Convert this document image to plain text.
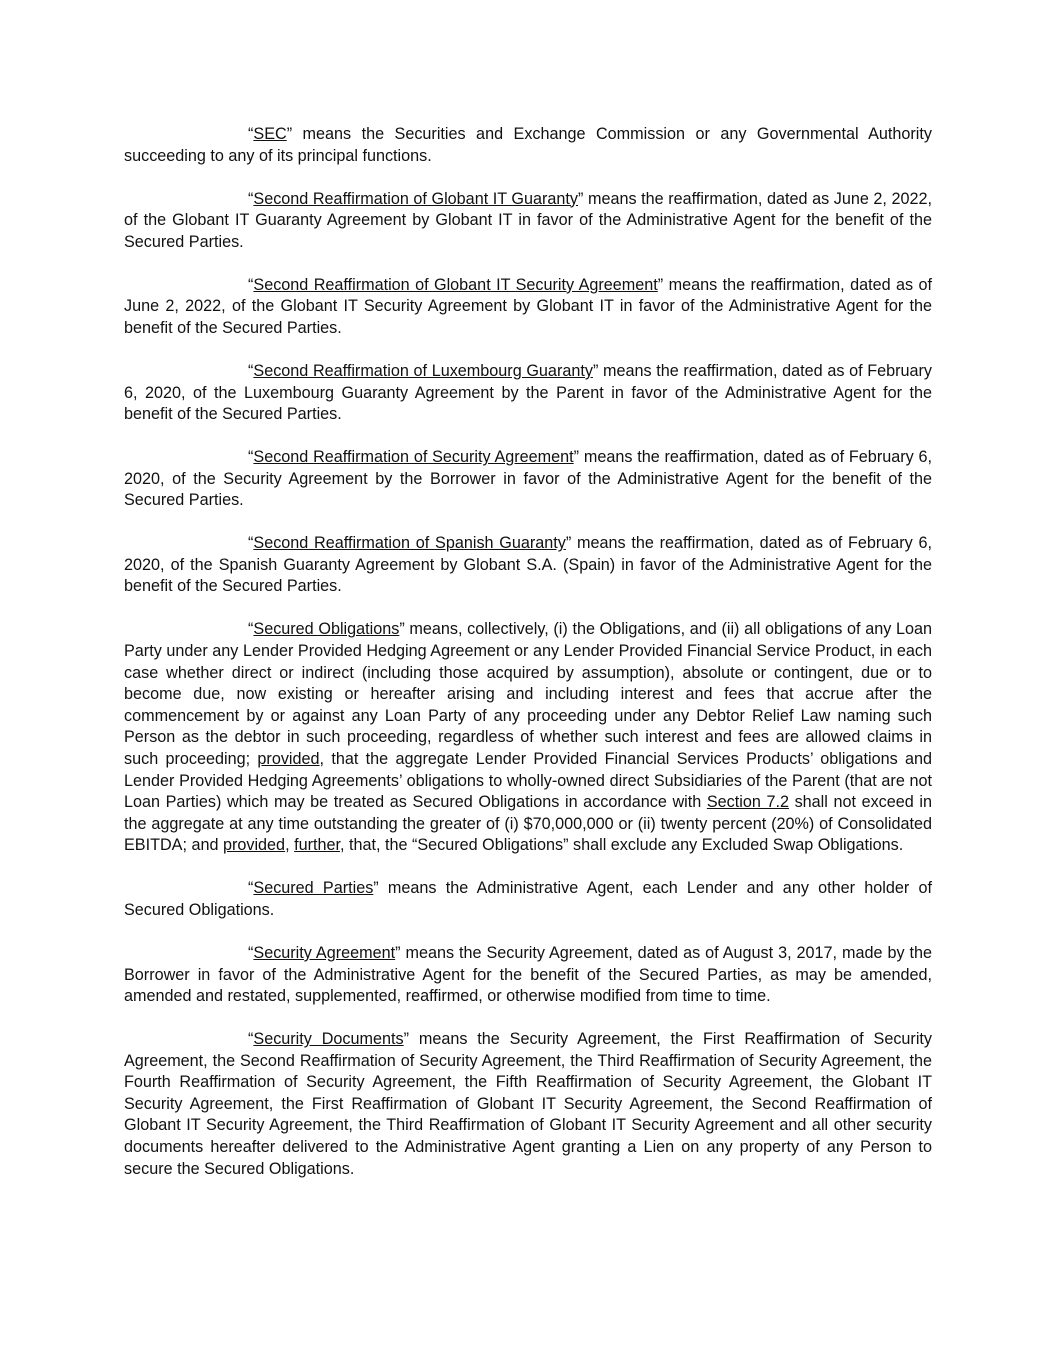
“SEC” means the Securities and Exchange Commission or any Governmental Authority succeeding to any of its principal functions.

“Second Reaffirmation of Globant IT Guaranty” means the reaffirmation, dated as June 2, 2022, of the Globant IT Guaranty Agreement by Globant IT in favor of the Administrative Agent for the benefit of the Secured Parties.

“Second Reaffirmation of Globant IT Security Agreement” means the reaffirmation, dated as of June 2, 2022, of the Globant IT Security Agreement by Globant IT in favor of the Administrative Agent for the benefit of the Secured Parties.

“Second Reaffirmation of Luxembourg Guaranty” means the reaffirmation, dated as of February 6, 2020, of the Luxembourg Guaranty Agreement by the Parent in favor of the Administrative Agent for the benefit of the Secured Parties.

“Second Reaffirmation of Security Agreement” means the reaffirmation, dated as of February 6, 2020, of the Security Agreement by the Borrower in favor of the Administrative Agent for the benefit of the Secured Parties.

“Second Reaffirmation of Spanish Guaranty” means the reaffirmation, dated as of February 6, 2020, of the Spanish Guaranty Agreement by Globant S.A. (Spain) in favor of the Administrative Agent for the benefit of the Secured Parties.

“Secured Obligations” means, collectively, (i) the Obligations, and (ii) all obligations of any Loan Party under any Lender Provided Hedging Agreement or any Lender Provided Financial Service Product, in each case whether direct or indirect (including those acquired by assumption), absolute or contingent, due or to become due, now existing or hereafter arising and including interest and fees that accrue after the commencement by or against any Loan Party of any proceeding under any Debtor Relief Law naming such Person as the debtor in such proceeding, regardless of whether such interest and fees are allowed claims in such proceeding; provided, that the aggregate Lender Provided Financial Services Products’ obligations and Lender Provided Hedging Agreements’ obligations to wholly-owned direct Subsidiaries of the Parent (that are not Loan Parties) which may be treated as Secured Obligations in accordance with Section 7.2 shall not exceed in the aggregate at any time outstanding the greater of (i) $70,000,000 or (ii) twenty percent (20%) of Consolidated EBITDA; and provided, further, that, the “Secured Obligations” shall exclude any Excluded Swap Obligations.

“Secured Parties” means the Administrative Agent, each Lender and any other holder of Secured Obligations.

“Security Agreement” means the Security Agreement, dated as of August 3, 2017, made by the Borrower in favor of the Administrative Agent for the benefit of the Secured Parties, as may be amended, amended and restated, supplemented, reaffirmed, or otherwise modified from time to time.

“Security Documents” means the Security Agreement, the First Reaffirmation of Security Agreement, the Second Reaffirmation of Security Agreement, the Third Reaffirmation of Security Agreement, the Fourth Reaffirmation of Security Agreement, the Fifth Reaffirmation of Security Agreement, the Globant IT Security Agreement, the First Reaffirmation of Globant IT Security Agreement, the Second Reaffirmation of Globant IT Security Agreement, the Third Reaffirmation of Globant IT Security Agreement and all other security documents hereafter delivered to the Administrative Agent granting a Lien on any property of any Person to secure the Secured Obligations.
